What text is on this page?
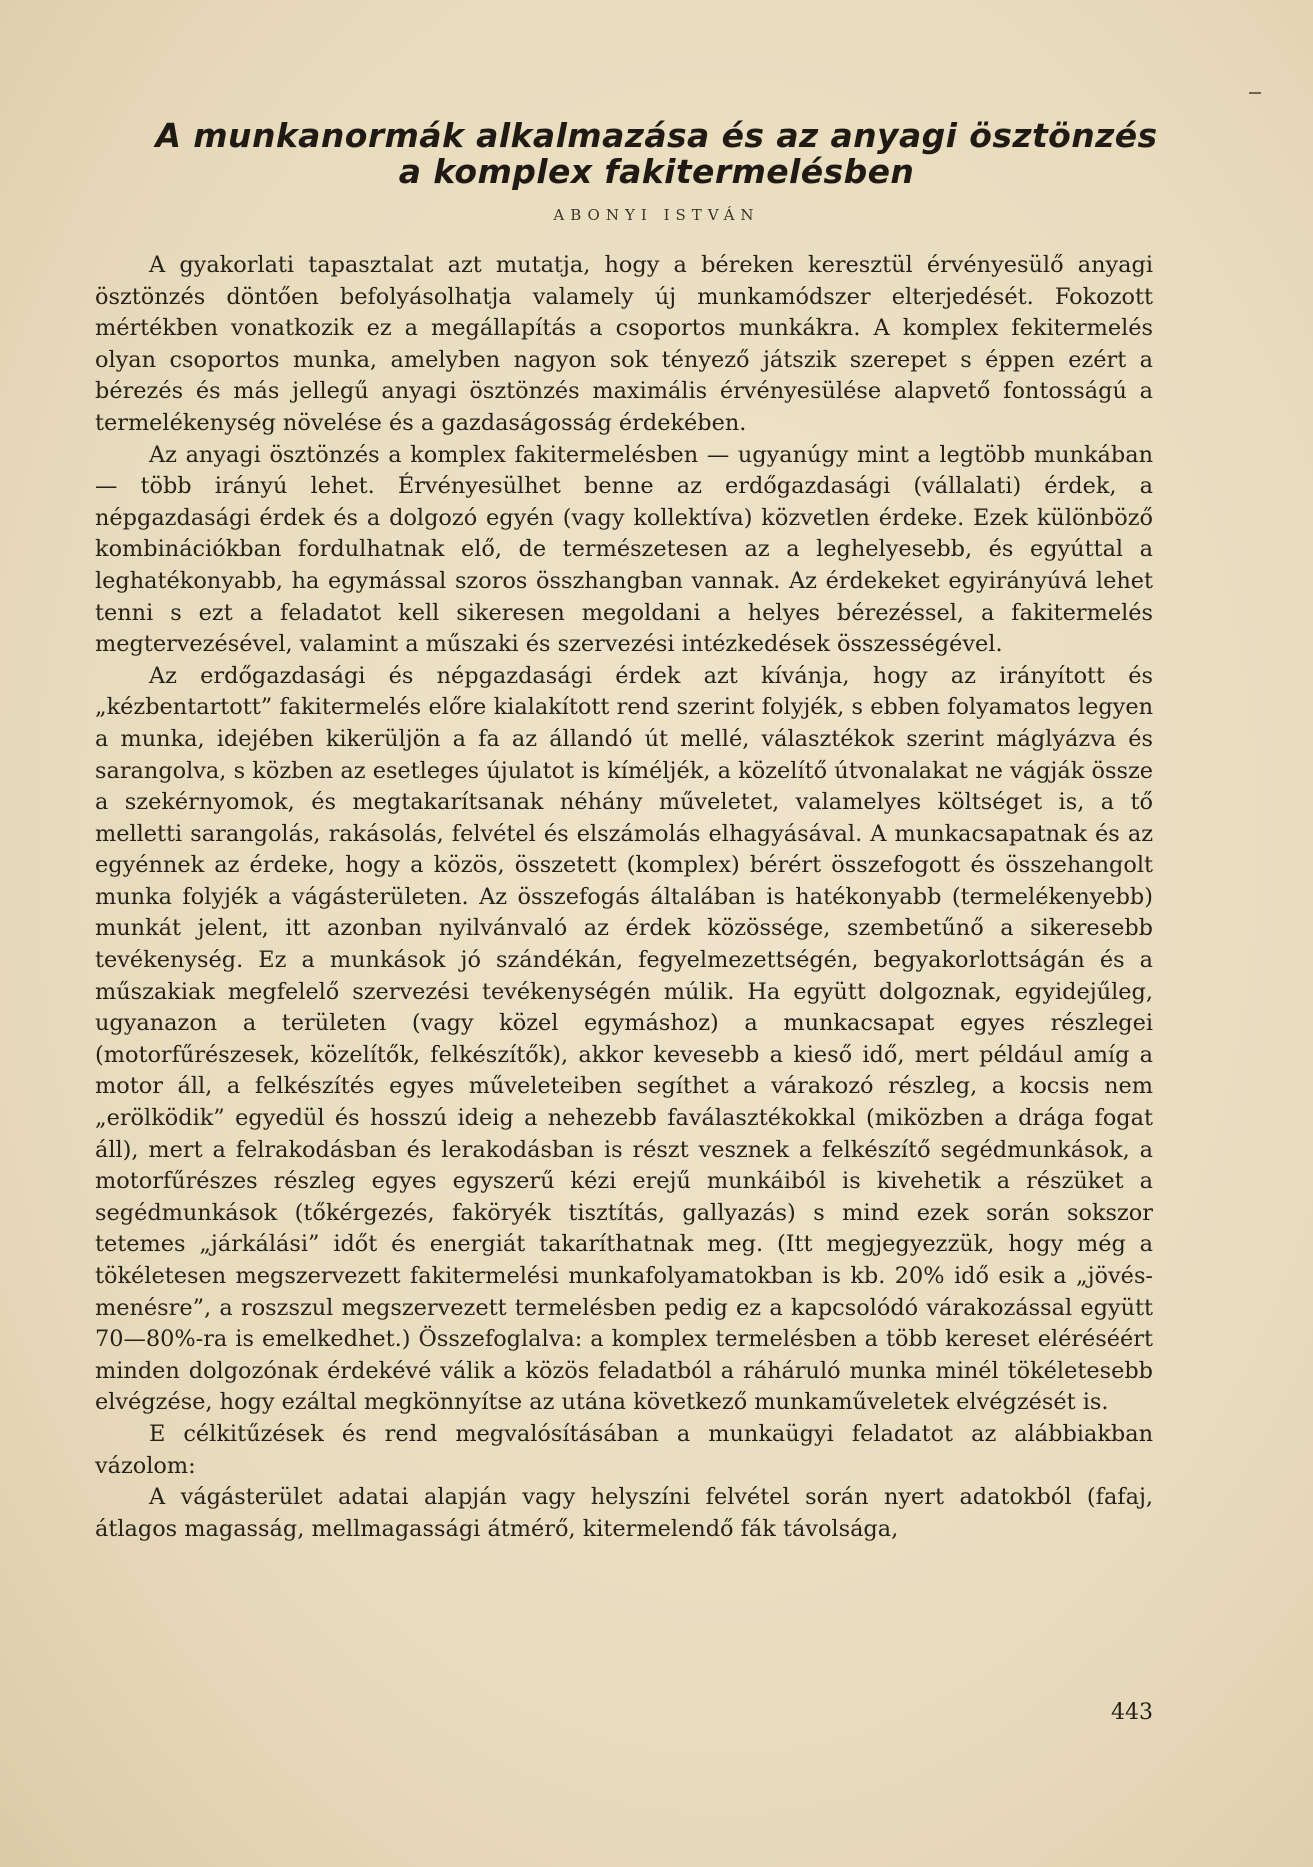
A munkanormák alkalmazása és az anyagi ösztönzés
a komplex fakitermelésben
ABONYI ISTVÁN

A gyakorlati tapasztalat azt mutatja, hogy a béreken keresztül érvényesülő anyagi ösztönzés döntően befolyásolhatja valamely új munkamódszer elterjedését. Fokozott mértékben vonatkozik ez a megállapítás a csoportos munkákra. A komplex fekitermelés olyan csoportos munka, amelyben nagyon sok tényező játszik szerepet s éppen ezért a bérezés és más jellegű anyagi ösztönzés maximális érvényesülése alapvető fontosságú a termelékenység növelése és a gazdaságosság érdekében.

Az anyagi ösztönzés a komplex fakitermelésben — ugyanúgy mint a legtöbb munkában — több irányú lehet. Érvényesülhet benne az erdőgazdasági (vállalati) érdek, a népgazdasági érdek és a dolgozó egyén (vagy kollektíva) közvetlen érdeke. Ezek különböző kombinációkban fordulhatnak elő, de természetesen az a leghelyesebb, és egyúttal a leghatékonyabb, ha egymással szoros összhangban vannak. Az érdekeket egyirányúvá lehet tenni s ezt a feladatot kell sikeresen megoldani a helyes bérezéssel, a fakitermelés megtervezésével, valamint a műszaki és szervezési intézkedések összességével.

Az erdőgazdasági és népgazdasági érdek azt kívánja, hogy az irányított és „kézbentartott” fakitermelés előre kialakított rend szerint folyjék, s ebben folyamatos legyen a munka, idejében kikerüljön a fa az állandó út mellé, választékok szerint máglyázva és sarangolva, s közben az esetleges újulatot is kíméljék, a közelítő útvonalakat ne vágják össze a szekérnyomok, és megtakarítsanak néhány műveletet, valamelyes költséget is, a tő melletti sarangolás, rakásolás, felvétel és elszámolás elhagyásával. A munkacsapatnak és az egyénnek az érdeke, hogy a közös, összetett (komplex) bérért összefogott és összehangolt munka folyjék a vágásterületen. Az összefogás általában is hatékonyabb (termelékenyebb) munkát jelent, itt azonban nyilvánvaló az érdek közössége, szembetűnő a sikeresebb tevékenység. Ez a munkások jó szándékán, fegyelmezettségén, begyakorlottságán és a műszakiak megfelelő szervezési tevékenységén múlik. Ha együtt dolgoznak, egyidejűleg, ugyanazon a területen (vagy közel egymáshoz) a munkacsapat egyes részlegei (motorfűrészesek, közelítők, felkészítők), akkor kevesebb a kieső idő, mert például amíg a motor áll, a felkészítés egyes műveleteiben segíthet a várakozó részleg, a kocsis nem „erölködik” egyedül és hosszú ideig a nehezebb faválasztékokkal (miközben a drága fogat áll), mert a felrakodásban és lerakodásban is részt vesznek a felkészítő segédmunkások, a motorfűrészes részleg egyes egyszerű kézi erejű munkáiból is kivehetik a részüket a segédmunkások (tőkérgezés, faköryék tisztítás, gallyazás) s mind ezek során sokszor tetemes „járkálási” időt és energiát takaríthatnak meg. (Itt megjegyezzük, hogy még a tökéletesen megszervezett fakitermelési munkafolyamatokban is kb. 20% idő esik a „jövés-menésre”, a roszszul megszervezett termelésben pedig ez a kapcsolódó várakozással együtt 70—80%-ra is emelkedhet.) Összefoglalva: a komplex termelésben a több kereset eléréséért minden dolgozónak érdekévé válik a közös feladatból a ráháruló munka minél tökéletesebb elvégzése, hogy ezáltal megkönnyítse az utána következő munkaműveletek elvégzését is.

E célkitűzések és rend megvalósításában a munkaügyi feladatot az alábbiakban vázolom:

A vágásterület adatai alapján vagy helyszíni felvétel során nyert adatokból (fafaj, átlagos magasság, mellmagassági átmérő, kitermelendő fák távolsága,

443
